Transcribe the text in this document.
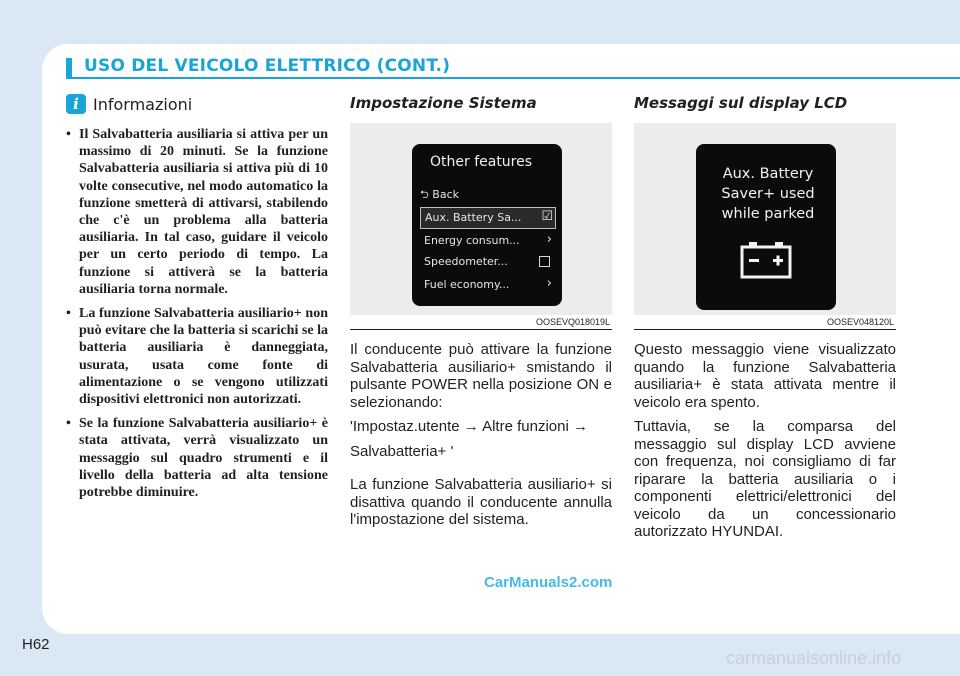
USO DEL VEICOLO ELETTRICO (CONT.)
i Informazioni
• Il Salvabatteria ausiliaria si attiva per un massimo di 20 minuti. Se la funzione Salvabatteria ausiliaria si attiva più di 10 volte consecutive, nel modo automatico la funzione smetterà di attivarsi, stabilendo che c'è un problema alla batteria ausiliaria. In tal caso, guidare il veicolo per un certo periodo di tempo. La funzione si attiverà se la batteria ausiliaria torna normale.
• La funzione Salvabatteria ausiliario+ non può evitare che la batteria si scarichi se la batteria ausiliaria è danneggiata, usurata, usata come fonte di alimentazione o se vengono utilizzati dispositivi elettronici non autorizzati.
• Se la funzione Salvabatteria ausiliario+ è stata attivata, verrà visualizzato un messaggio sul quadro strumenti e il livello della batteria ad alta tensione potrebbe diminuire.
Impostazione Sistema
Other features
⮌ Back
Aux. Battery Sa... ☑
Energy consum... ›
Speedometer...
Fuel economy...	›
OOSEVQ018019L

Il conducente può attivare la funzione Salvabatteria ausiliario+ smistando il pulsante POWER nella posizione ON e selezionando:

'Impostaz.utente → Altre funzioni →

Salvabatteria+ '

La funzione Salvabatteria ausiliario+ si disattiva quando il conducente annulla l'impostazione del sistema.

Messaggi sul display LCD
Aux. Battery Saver+ used while parked
OOSEV048120L

Questo messaggio viene visualizzato quando la funzione Salvabatteria ausiliaria+ è stata attivata mentre il veicolo era spento.

Tuttavia, se la comparsa del messaggio sul display LCD avviene con frequenza, noi consigliamo di far riparare la batteria ausiliaria o i componenti elettrici/elettronici del veicolo da un concessionario autorizzato HYUNDAI.

CarManuals2.com
H62
carmanualsonline.info
